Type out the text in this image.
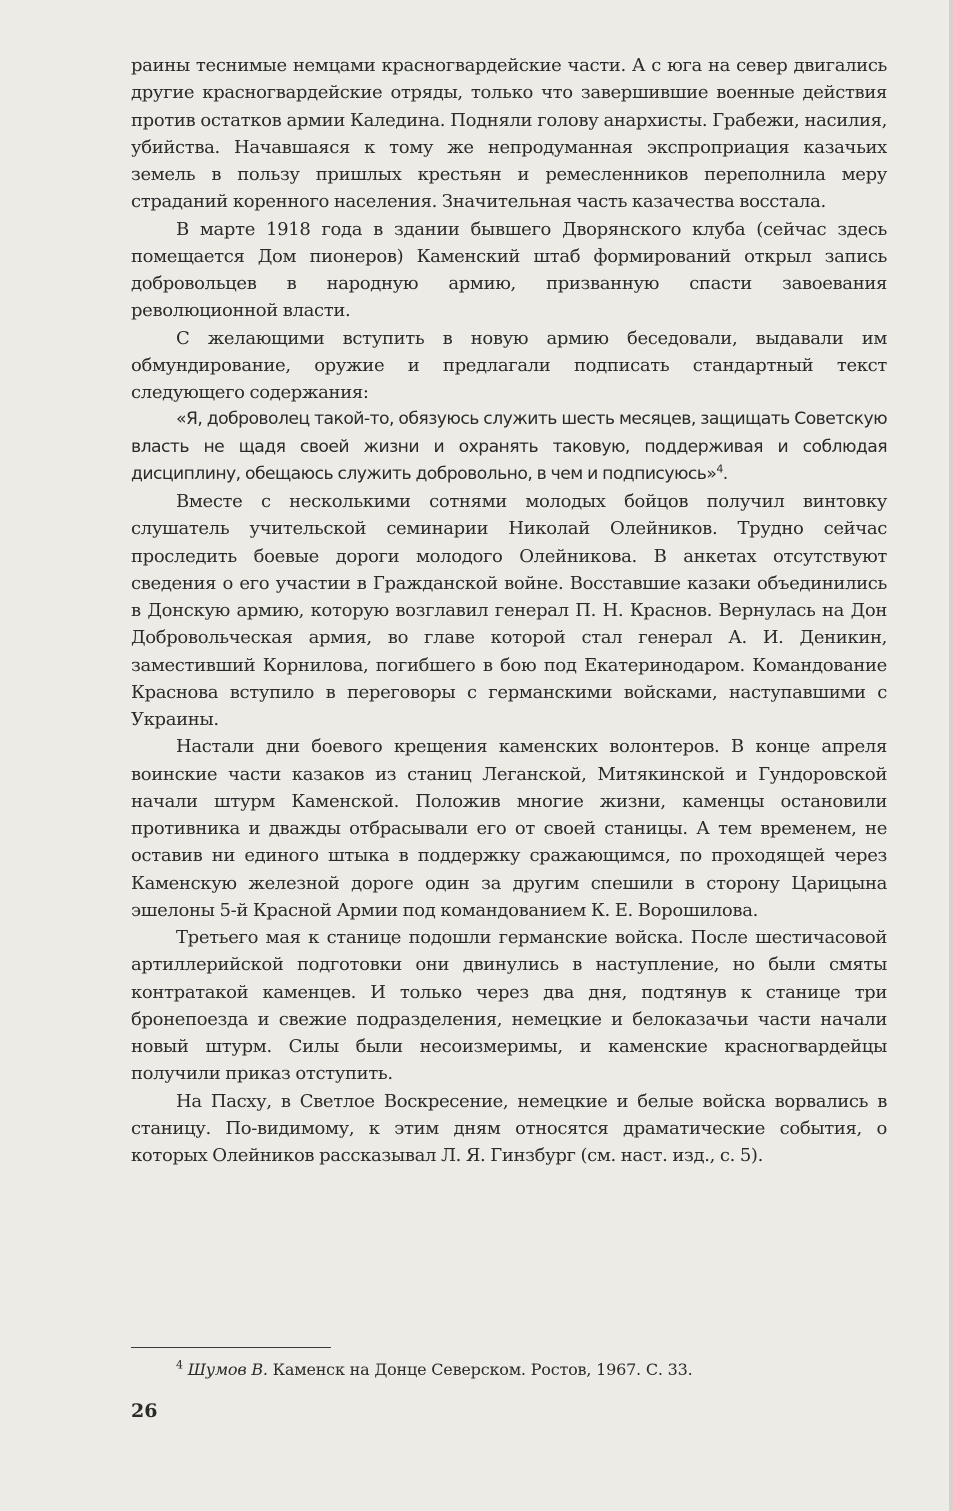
раины теснимые немцами красногвардейские части. А с юга на север двигались другие красногвардейские отряды, только что завершившие военные действия против остатков армии Каледина. Подняли голову анархисты. Грабежи, насилия, убийства. Начавшаяся к тому же непродуманная экспроприация казачьих земель в пользу пришлых крестьян и ремесленников переполнила меру страданий коренного населения. Значительная часть казачества восстала.

В марте 1918 года в здании бывшего Дворянского клуба (сейчас здесь помещается Дом пионеров) Каменский штаб формирований открыл запись добровольцев в народную армию, призванную спасти завоевания революционной власти.

С желающими вступить в новую армию беседовали, выдавали им обмундирование, оружие и предлагали подписать стандартный текст следующего содержания:

«Я, доброволец такой-то, обязуюсь служить шесть месяцев, защищать Советскую власть не щадя своей жизни и охранять таковую, поддерживая и соблюдая дисциплину, обещаюсь служить добровольно, в чем и подписуюсь»$^4$.

Вместе с несколькими сотнями молодых бойцов получил винтовку слушатель учительской семинарии Николай Олейников. Трудно сейчас проследить боевые дороги молодого Олейникова. В анкетах отсутствуют сведения о его участии в Гражданской войне. Восставшие казаки объединились в Донскую армию, которую возглавил генерал П. Н. Краснов. Вернулась на Дон Добровольческая армия, во главе которой стал генерал А. И. Деникин, заместивший Корнилова, погибшего в бою под Екатеринодаром. Командование Краснова вступило в переговоры с германскими войсками, наступавшими с Украины.

Настали дни боевого крещения каменских волонтеров. В конце апреля воинские части казаков из станиц Леганской, Митякинской и Гундоровской начали штурм Каменской. Положив многие жизни, каменцы остановили противника и дважды отбрасывали его от своей станицы. А тем временем, не оставив ни единого штыка в поддержку сражающимся, по проходящей через Каменскую железной дороге один за другим спешили в сторону Царицына эшелоны 5-й Красной Армии под командованием К. Е. Ворошилова.

Третьего мая к станице подошли германские войска. После шестичасовой артиллерийской подготовки они двинулись в наступление, но были смяты контратакой каменцев. И только через два дня, подтянув к станице три бронепоезда и свежие подразделения, немецкие и белоказачьи части начали новый штурм. Силы были несоизмеримы, и каменские красногвардейцы получили приказ отступить.

На Пасху, в Светлое Воскресение, немецкие и белые войска ворвались в станицу. По-видимому, к этим дням относятся драматические события, о которых Олейников рассказывал Л. Я. Гинзбург (см. наст. изд., с. 5).

$^4$ Шумов В. Каменск на Донце Северском. Ростов, 1967. С. 33.
26
